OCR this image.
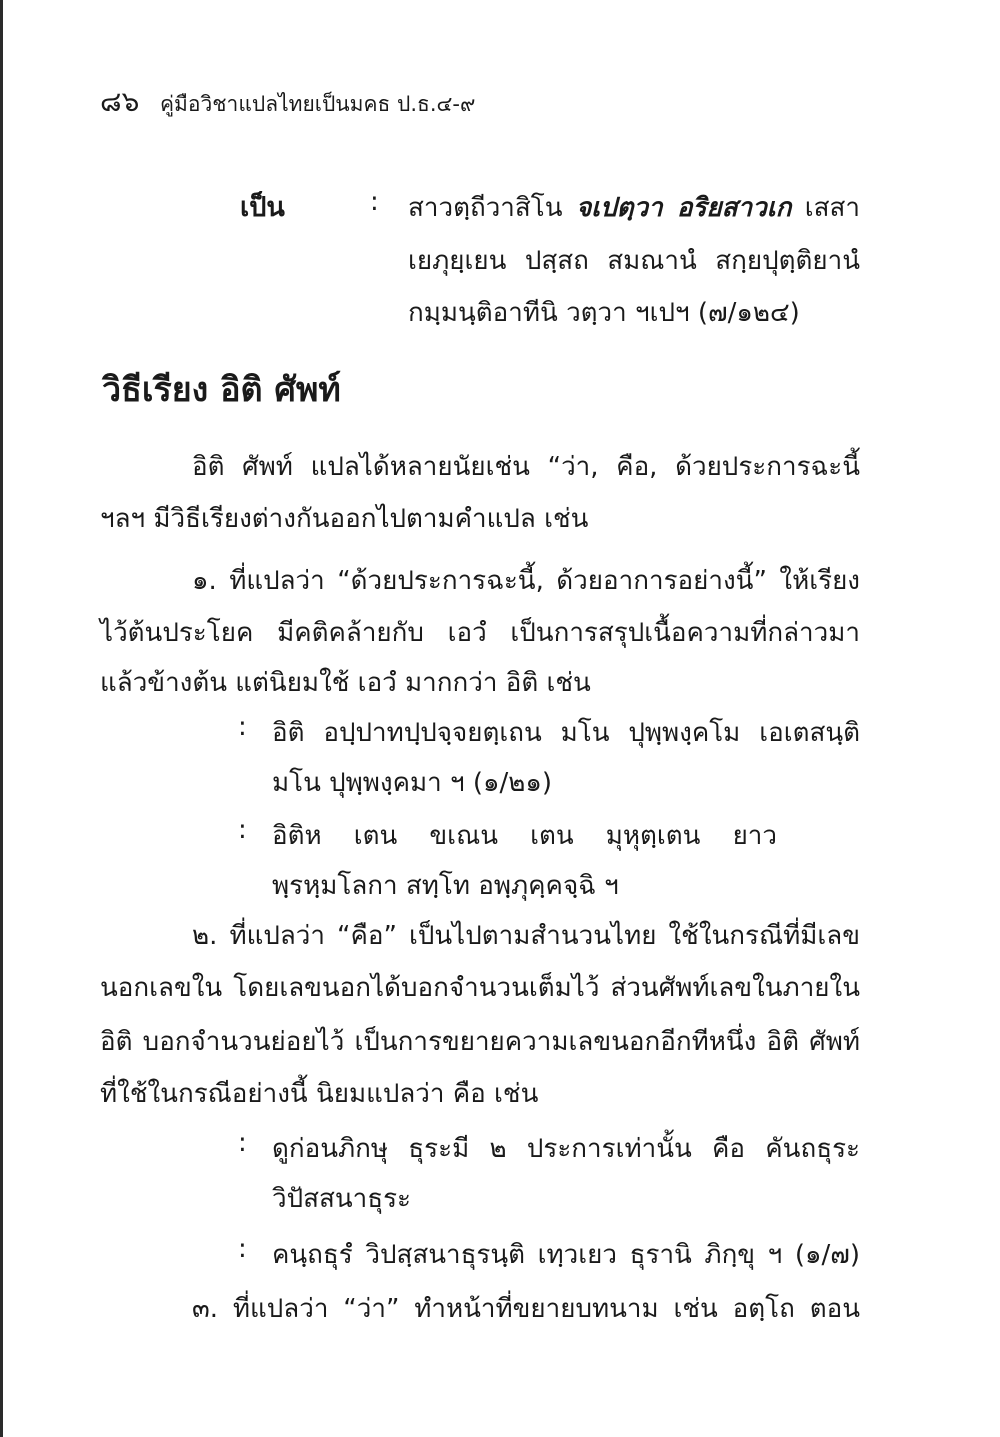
๘๖ คู่มือวิชาแปลไทยเป็นมคธ ป.ธ.๔-๙
เป็น	: สาวตฺถีวาสิโน จเปตฺวา อริยสาวเก เสสา
เยภุยฺเยน ปสฺสถ สมณานํ สกฺยปุตฺติยานํ
กมฺมนฺติอาทีนิ วตฺวา ฯเปฯ (๗/๑๒๔)
วิธีเรียง อิติ ศัพท์
อิติ ศัพท์ แปลได้หลายนัยเช่น “ว่า, คือ, ด้วยประการฉะนี้
ฯลฯ มีวิธีเรียงต่างกันออกไปตามคำแปล เช่น
๑. ที่แปลว่า “ด้วยประการฉะนี้, ด้วยอาการอย่างนี้” ให้เรียง
ไว้ต้นประโยค มีคติคล้ายกับ เอวํ เป็นการสรุปเนื้อความที่กล่าวมา
แล้วข้างต้น แต่นิยมใช้ เอวํ มากกว่า อิติ เช่น
: อิติ อปฺปาทปฺปจฺจยตฺเถน มโน ปุพฺพงฺคโม เอเตสนฺติ
มโน ปุพฺพงฺคมา ฯ (๑/๒๑)
: อิติห เตน ขเณน เตน มุหุตฺเตน ยาว
พฺรหฺมโลกา สทฺโท อพฺภุคฺคจฺฉิ ฯ
๒. ที่แปลว่า “คือ” เป็นไปตามสำนวนไทย ใช้ในกรณีที่มีเลข
นอกเลขใน โดยเลขนอกได้บอกจำนวนเต็มไว้ ส่วนศัพท์เลขในภายใน
อิติ บอกจำนวนย่อยไว้ เป็นการขยายความเลขนอกอีกทีหนึ่ง อิติ ศัพท์
ที่ใช้ในกรณีอย่างนี้ นิยมแปลว่า คือ เช่น
: ดูก่อนภิกษุ ธุระมี ๒ ประการเท่านั้น คือ คันถธุระ
วิปัสสนาธุระ
: คนฺถธุรํ วิปสฺสนาธุรนฺติ เทฺวเยว ธุรานิ ภิกฺขุ ฯ (๑/๗)
๓. ที่แปลว่า “ว่า” ทำหน้าที่ขยายบทนาม เช่น อตฺโถ ตอน
